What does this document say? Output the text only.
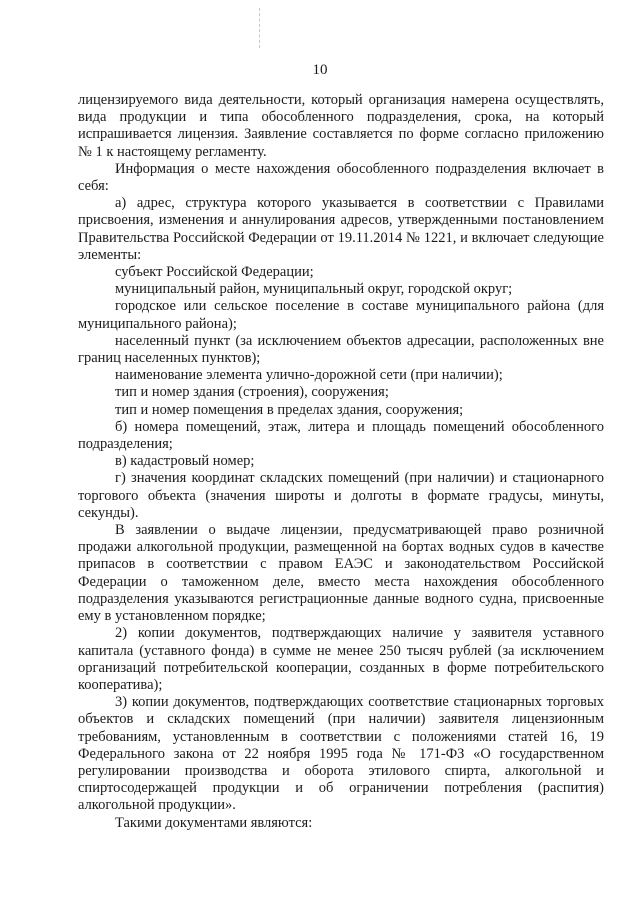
10

лицензируемого вида деятельности, который организация намерена осуществлять, вида продукции и типа обособленного подразделения, срока, на который испрашивается лицензия. Заявление составляется по форме согласно приложению № 1 к настоящему регламенту.

Информация о месте нахождения обособленного подразделения включает в себя:

а) адрес, структура которого указывается в соответствии с Правилами присвоения, изменения и аннулирования адресов, утвержденными постановлением Правительства Российской Федерации от 19.11.2014 № 1221, и включает следующие элементы:

субъект Российской Федерации;

муниципальный район, муниципальный округ, городской округ;

городское или сельское поселение в составе муниципального района (для муниципального района);

населенный пункт (за исключением объектов адресации, расположенных вне границ населенных пунктов);

наименование элемента улично-дорожной сети (при наличии);

тип и номер здания (строения), сооружения;

тип и номер помещения в пределах здания, сооружения;

б) номера помещений, этаж, литера и площадь помещений обособленного подразделения;

в) кадастровый номер;

г) значения координат складских помещений (при наличии) и стационарного торгового объекта (значения широты и долготы в формате градусы, минуты, секунды).

В заявлении о выдаче лицензии, предусматривающей право розничной продажи алкогольной продукции, размещенной на бортах водных судов в качестве припасов в соответствии с правом ЕАЭС и законодательством Российской Федерации о таможенном деле, вместо места нахождения обособленного подразделения указываются регистрационные данные водного судна, присвоенные ему в установленном порядке;

2) копии документов, подтверждающих наличие у заявителя уставного капитала (уставного фонда) в сумме не менее 250 тысяч рублей (за исключением организаций потребительской кооперации, созданных в форме потребительского кооператива);

3) копии документов, подтверждающих соответствие стационарных торговых объектов и складских помещений (при наличии) заявителя лицензионным требованиям, установленным в соответствии с положениями статей 16, 19 Федерального закона от 22 ноября 1995 года № 171-ФЗ «О государственном регулировании производства и оборота этилового спирта, алкогольной и спиртосодержащей продукции и об ограничении потребления (распития) алкогольной продукции».

Такими документами являются:
